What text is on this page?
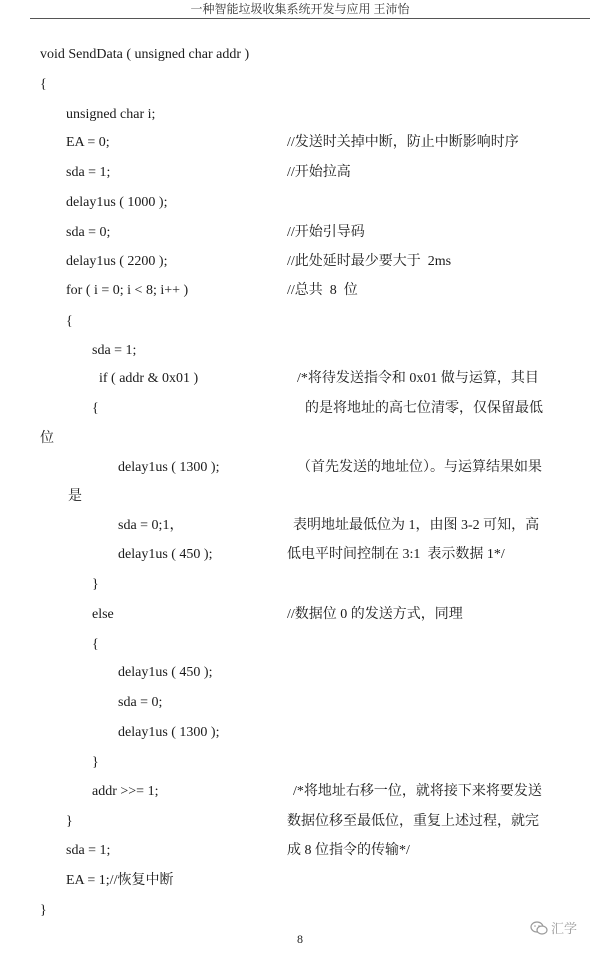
一种智能垃圾收集系统开发与应用 王沛怡
void SendData ( unsigned char addr )
{
unsigned char i;
EA = 0;	//发送时关掉中断，防止中断影响时序
sda = 1;	//开始拉高
delay1us ( 1000 );
sda = 0;	//开始引导码
delay1us ( 2200 );	//此处延时最少要大于  2ms
for ( i = 0; i < 8; i++ )	//总共  8  位
{
sda = 1;
if ( addr & 0x01 )	/*将待发送指令和 0x01 做与运算，其目
{	的是将地址的高七位清零，仅保留最低
位
delay1us ( 1300 );	（首先发送的地址位）。与运算结果如果
是
sda = 0;1，	表明地址最低位为 1，由图 3-2 可知，高
delay1us ( 450 );	低电平时间控制在 3:1  表示数据 1*/
}
else	//数据位 0 的发送方式，同理
{
delay1us ( 450 );
sda = 0;
delay1us ( 1300 );
}
addr >>= 1;	/*将地址右移一位，就将接下来将要发送
}	数据位移至最低位，重复上述过程，就完
sda = 1;	成 8 位指令的传输*/
EA = 1;//恢复中断
}
8
汇学
